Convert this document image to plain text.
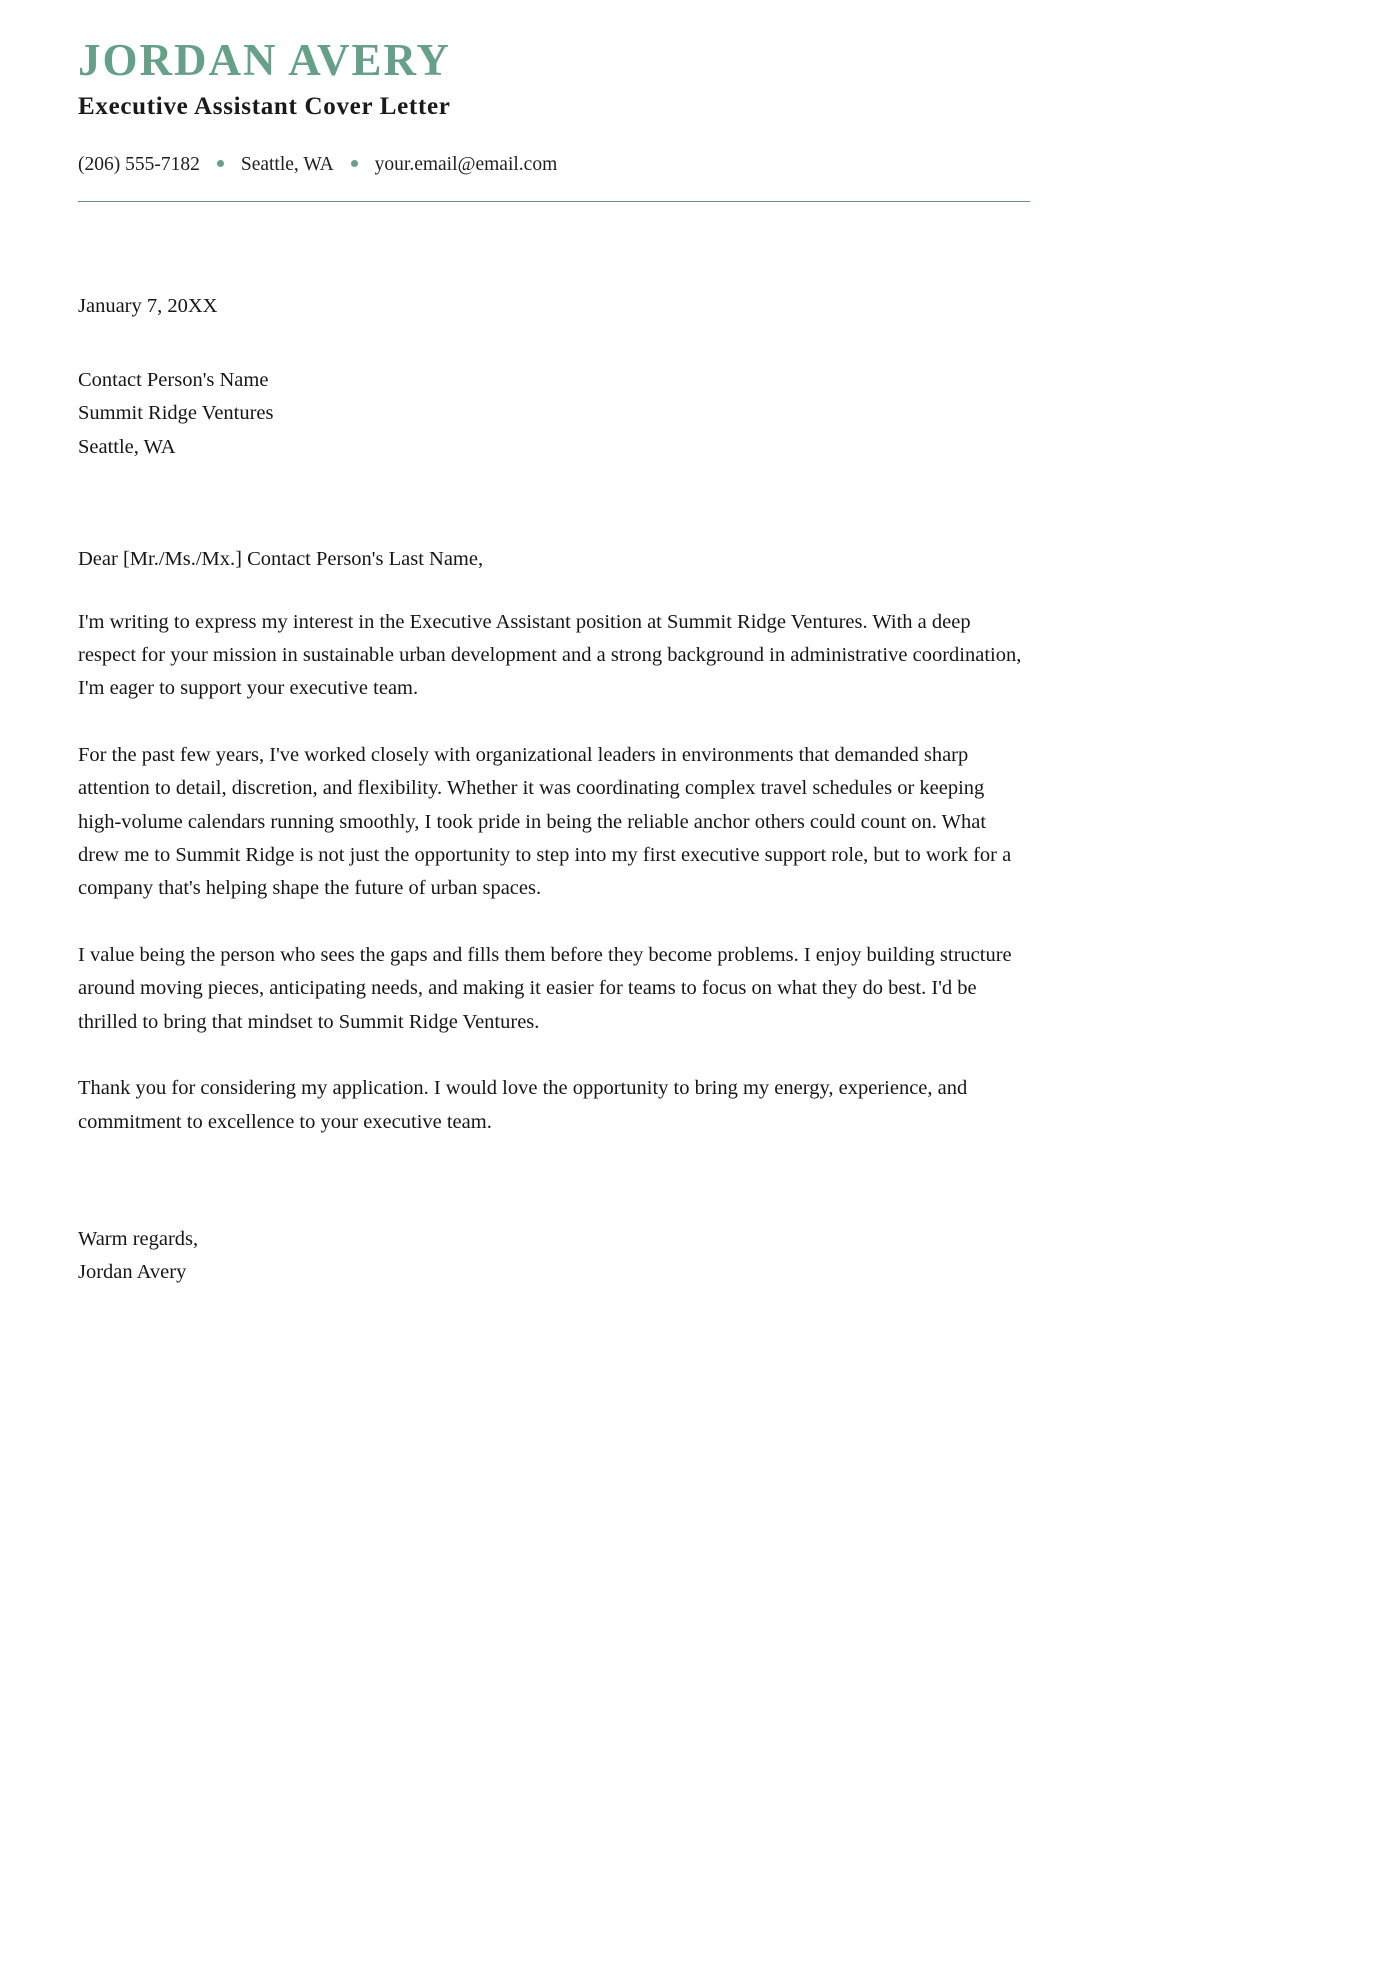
JORDAN AVERY
Executive Assistant Cover Letter
(206) 555-7182 Seattle, WA your.email@email.com
January 7, 20XX
Contact Person's Name
Summit Ridge Ventures
Seattle, WA
Dear [Mr./Ms./Mx.] Contact Person's Last Name,

I'm writing to express my interest in the Executive Assistant position at Summit Ridge Ventures. With a deep respect for your mission in sustainable urban development and a strong background in administrative coordination, I'm eager to support your executive team.

For the past few years, I've worked closely with organizational leaders in environments that demanded sharp attention to detail, discretion, and flexibility. Whether it was coordinating complex travel schedules or keeping high-volume calendars running smoothly, I took pride in being the reliable anchor others could count on. What drew me to Summit Ridge is not just the opportunity to step into my first executive support role, but to work for a company that's helping shape the future of urban spaces.

I value being the person who sees the gaps and fills them before they become problems. I enjoy building structure around moving pieces, anticipating needs, and making it easier for teams to focus on what they do best. I'd be thrilled to bring that mindset to Summit Ridge Ventures.

Thank you for considering my application. I would love the opportunity to bring my energy, experience, and commitment to excellence to your executive team.

Warm regards,
Jordan Avery
